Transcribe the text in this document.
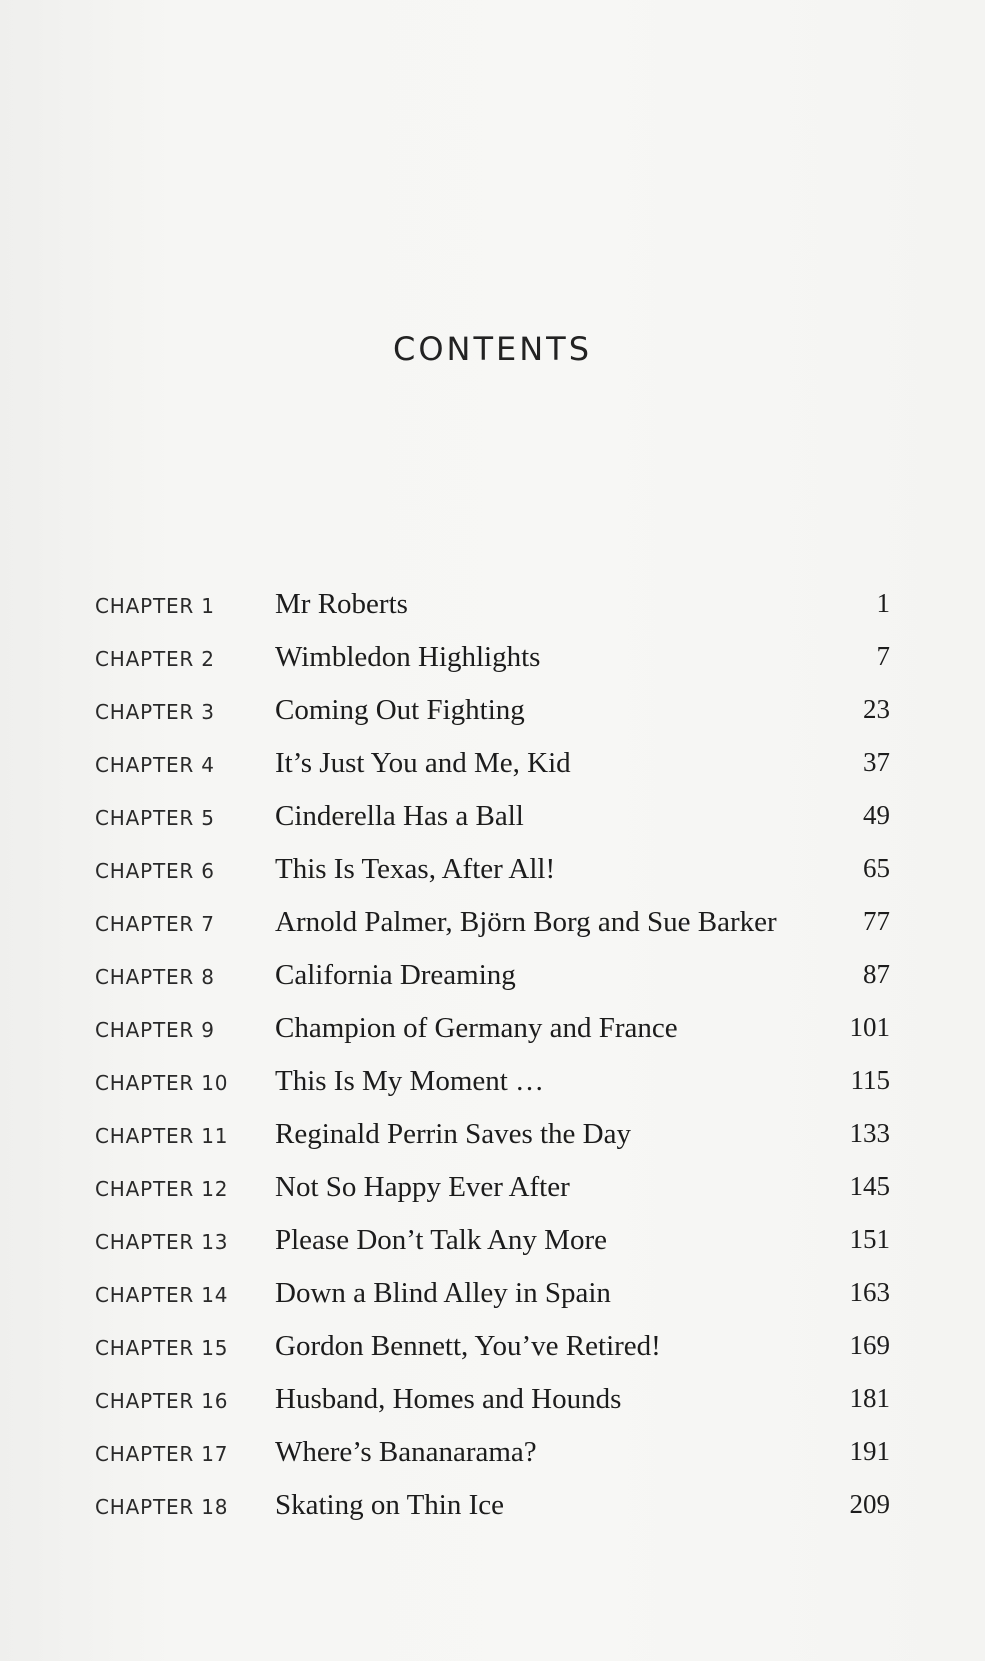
CONTENTS
CHAPTER 1 Mr Roberts	1
CHAPTER 2 Wimbledon Highlights	7
CHAPTER 3 Coming Out Fighting	23
CHAPTER 4 It’s Just You and Me, Kid	37
CHAPTER 5 Cinderella Has a Ball	49
CHAPTER 6 This Is Texas, After All!	65
CHAPTER 7 Arnold Palmer, Björn Borg and Sue Barker	77
CHAPTER 8 California Dreaming	87
CHAPTER 9 Champion of Germany and France	101
CHAPTER 10 This Is My Moment …	115
CHAPTER 11 Reginald Perrin Saves the Day	133
CHAPTER 12 Not So Happy Ever After	145
CHAPTER 13 Please Don’t Talk Any More	151
CHAPTER 14 Down a Blind Alley in Spain	163
CHAPTER 15 Gordon Bennett, You’ve Retired!	169
CHAPTER 16 Husband, Homes and Hounds	181
CHAPTER 17 Where’s Bananarama?	191
CHAPTER 18 Skating on Thin Ice	209
